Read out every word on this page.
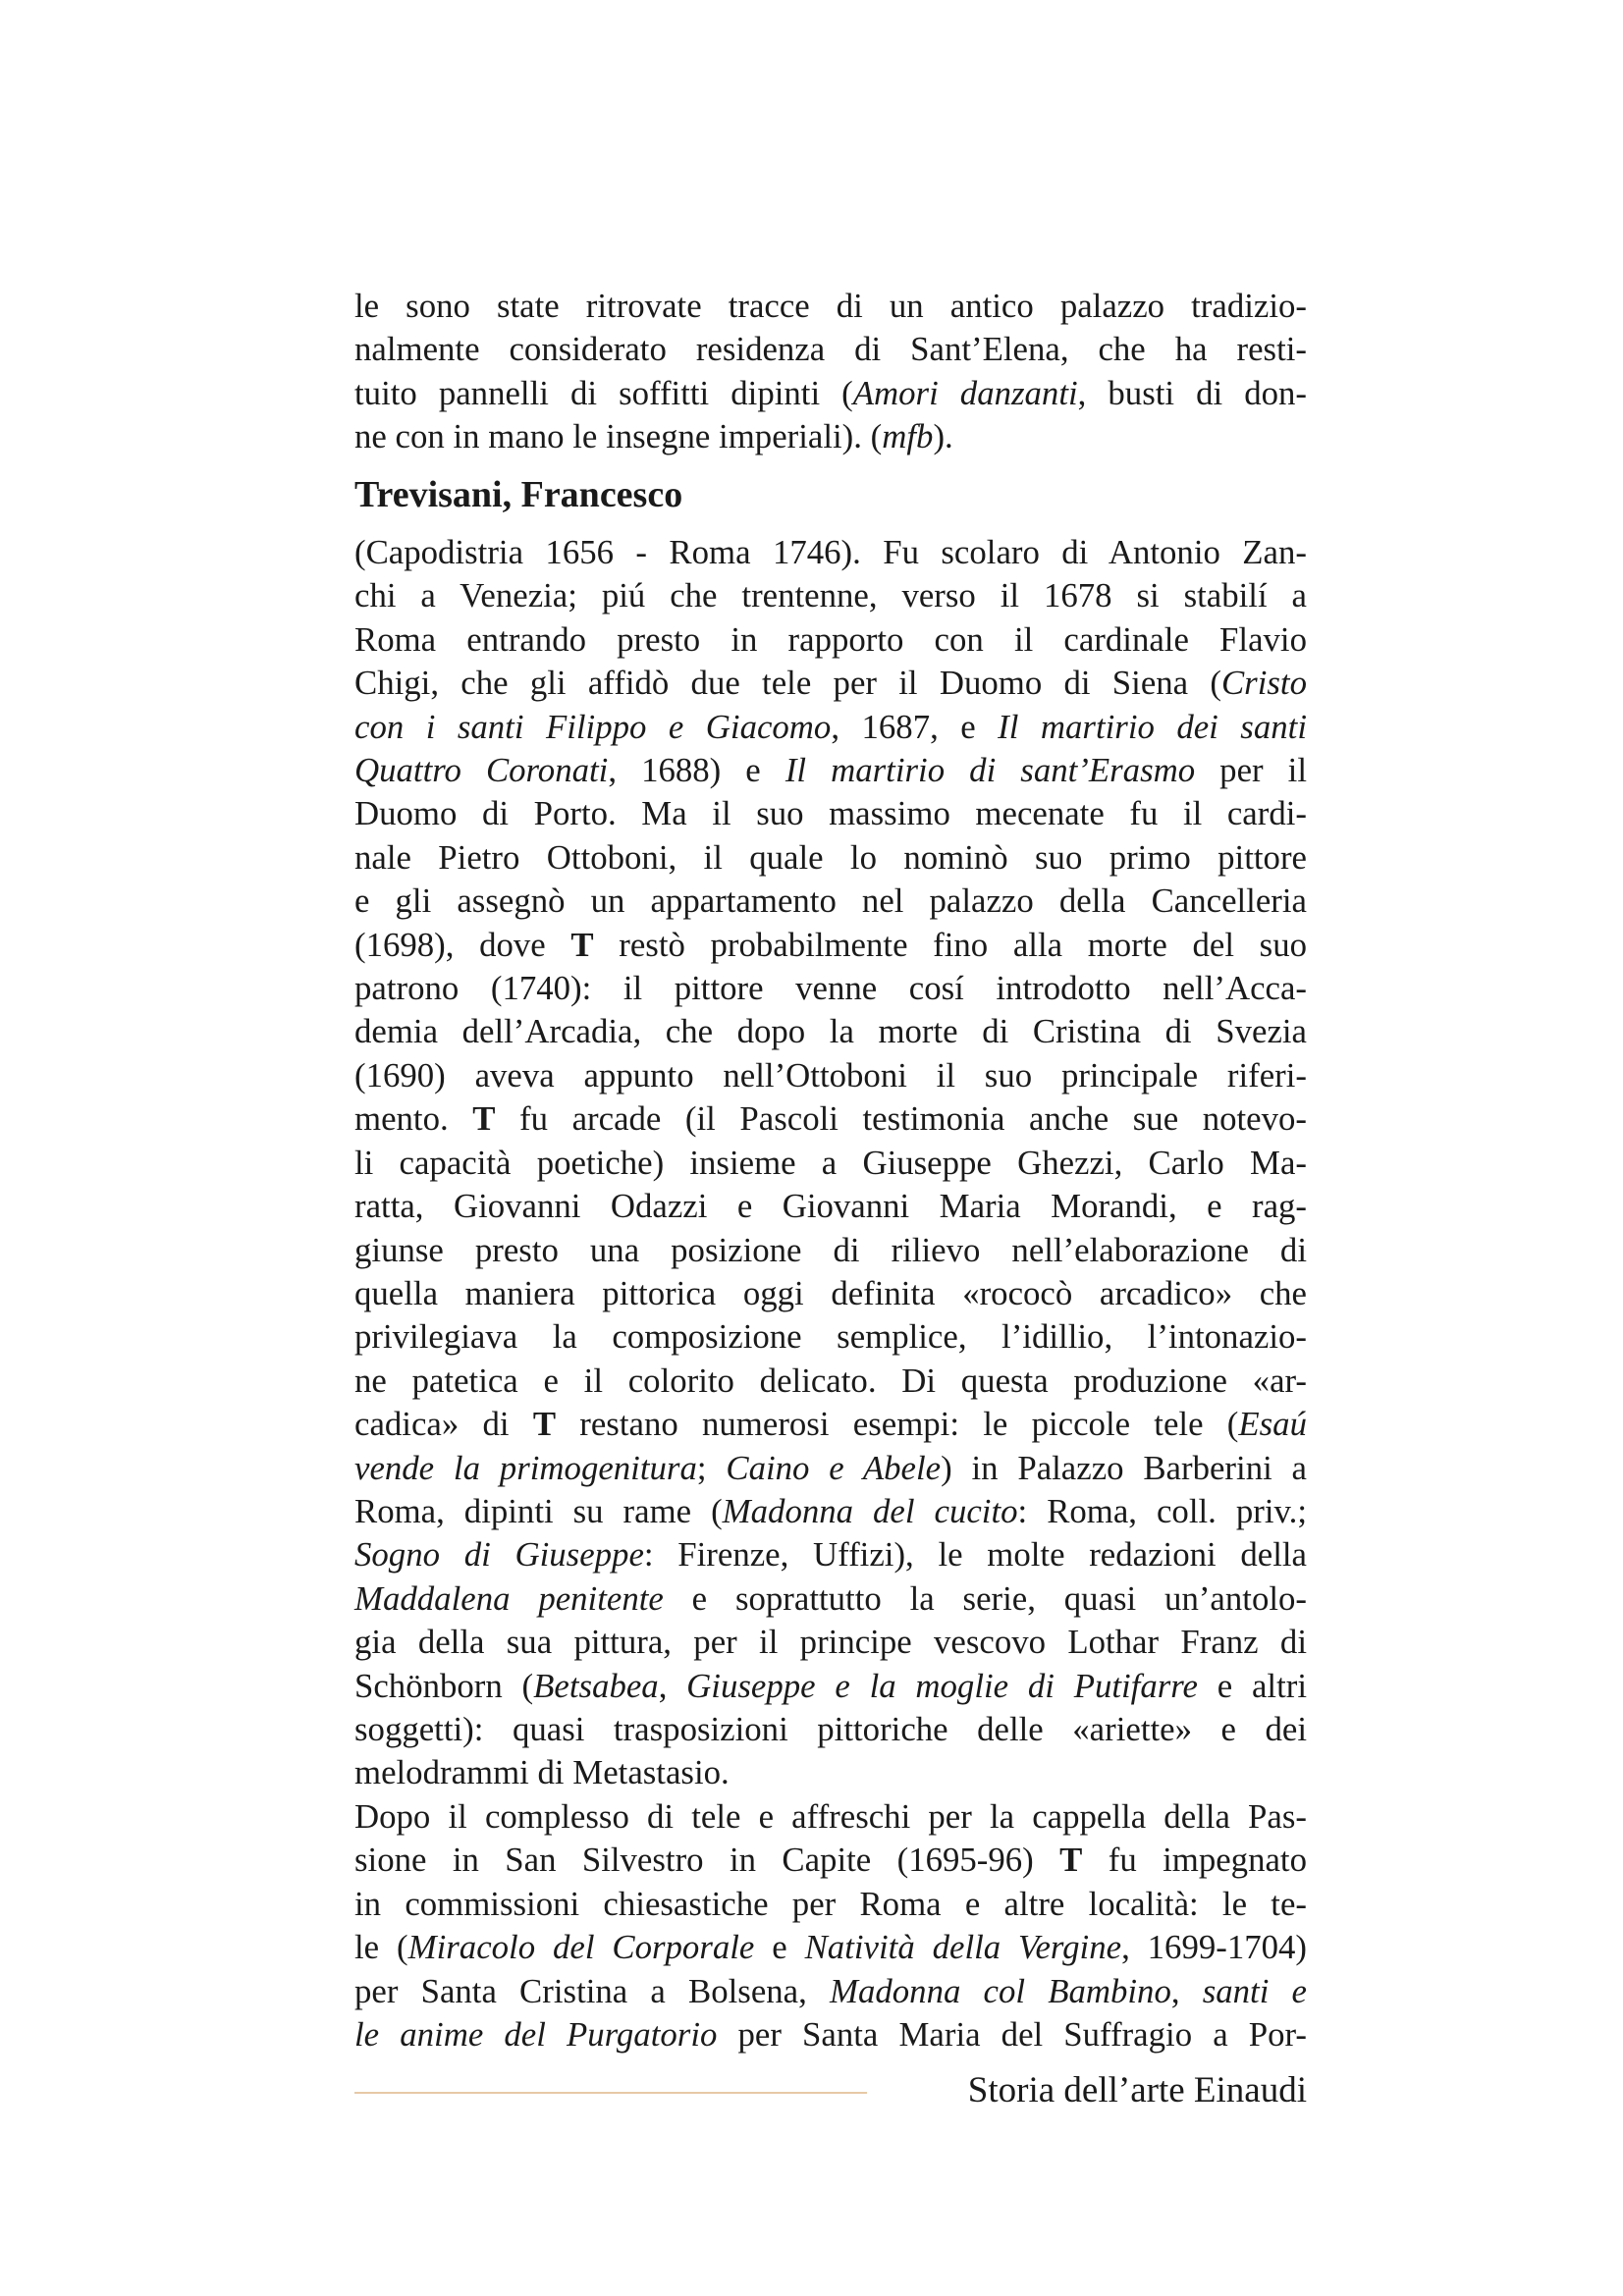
le sono state ritrovate tracce di un antico palazzo tradizio-
nalmente considerato residenza di Sant’Elena, che ha resti-
tuito pannelli di soffitti dipinti (Amori danzanti, busti di don-
ne con in mano le insegne imperiali). (mfb).
Trevisani, Francesco
(Capodistria 1656 - Roma 1746). Fu scolaro di Antonio Zan-
chi a Venezia; piú che trentenne, verso il 1678 si stabilí a
Roma entrando presto in rapporto con il cardinale Flavio
Chigi, che gli affidò due tele per il Duomo di Siena (Cristo
con i santi Filippo e Giacomo, 1687, e Il martirio dei santi
Quattro Coronati, 1688) e Il martirio di sant’Erasmo per il
Duomo di Porto. Ma il suo massimo mecenate fu il cardi-
nale Pietro Ottoboni, il quale lo nominò suo primo pittore
e gli assegnò un appartamento nel palazzo della Cancelleria
(1698), dove T restò probabilmente fino alla morte del suo
patrono (1740): il pittore venne cosí introdotto nell’Acca-
demia dell’Arcadia, che dopo la morte di Cristina di Svezia
(1690) aveva appunto nell’Ottoboni il suo principale riferi-
mento. T fu arcade (il Pascoli testimonia anche sue notevo-
li capacità poetiche) insieme a Giuseppe Ghezzi, Carlo Ma-
ratta, Giovanni Odazzi e Giovanni Maria Morandi, e rag-
giunse presto una posizione di rilievo nell’elaborazione di
quella maniera pittorica oggi definita «rococò arcadico» che
privilegiava la composizione semplice, l’idillio, l’intonazio-
ne patetica e il colorito delicato. Di questa produzione «ar-
cadica» di T restano numerosi esempi: le piccole tele (Esaú
vende la primogenitura; Caino e Abele) in Palazzo Barberini a
Roma, dipinti su rame (Madonna del cucito: Roma, coll. priv.;
Sogno di Giuseppe: Firenze, Uffizi), le molte redazioni della
Maddalena penitente e soprattutto la serie, quasi un’antolo-
gia della sua pittura, per il principe vescovo Lothar Franz di
Schönborn (Betsabea, Giuseppe e la moglie di Putifarre e altri
soggetti): quasi trasposizioni pittoriche delle «ariette» e dei
melodrammi di Metastasio.
Dopo il complesso di tele e affreschi per la cappella della Pas-
sione in San Silvestro in Capite (1695-96) T fu impegnato
in commissioni chiesastiche per Roma e altre località: le te-
le (Miracolo del Corporale e Natività della Vergine, 1699-1704)
per Santa Cristina a Bolsena, Madonna col Bambino, santi e
le anime del Purgatorio per Santa Maria del Suffragio a Por-
Storia dell’arte Einaudi
